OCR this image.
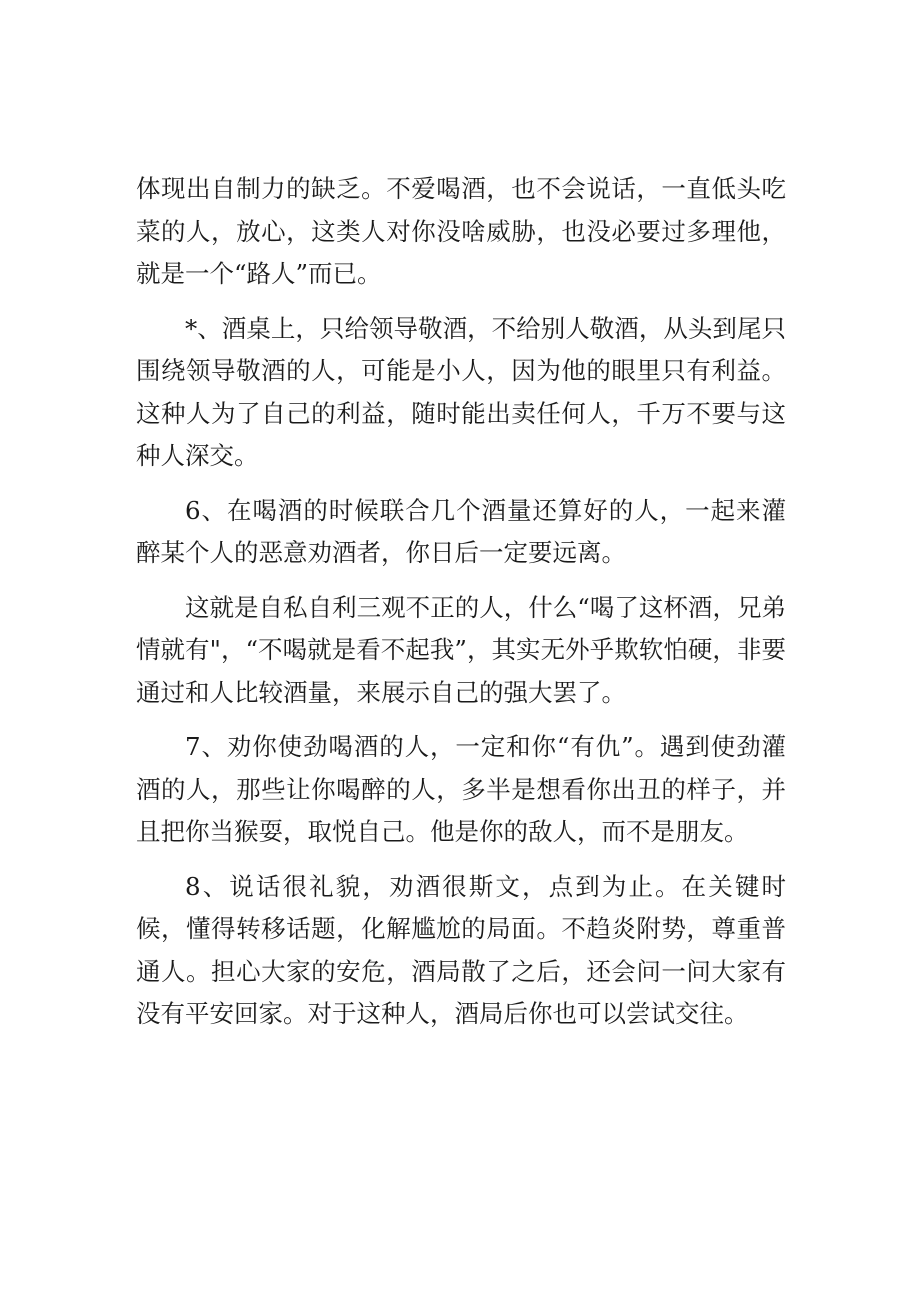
体现出自制力的缺乏。不爱喝酒，也不会说话，一直低头吃菜的人，放心，这类人对你没啥威胁，也没必要过多理他，就是一个“路人”而已。

*、酒桌上，只给领导敬酒，不给别人敬酒，从头到尾只围绕领导敬酒的人，可能是小人，因为他的眼里只有利益。这种人为了自己的利益，随时能出卖任何人，千万不要与这种人深交。

6、在喝酒的时候联合几个酒量还算好的人，一起来灌醉某个人的恶意劝酒者，你日后一定要远离。

这就是自私自利三观不正的人，什么“喝了这杯酒，兄弟情就有"，“不喝就是看不起我”，其实无外乎欺软怕硬，非要通过和人比较酒量，来展示自己的强大罢了。

7、劝你使劲喝酒的人，一定和你“有仇”。遇到使劲灌酒的人，那些让你喝醉的人，多半是想看你出丑的样子，并且把你当猴耍，取悦自己。他是你的敌人，而不是朋友。

8、说话很礼貌，劝酒很斯文，点到为止。在关键时候，懂得转移话题，化解尴尬的局面。不趋炎附势，尊重普通人。担心大家的安危，酒局散了之后，还会问一问大家有没有平安回家。对于这种人，酒局后你也可以尝试交往。
